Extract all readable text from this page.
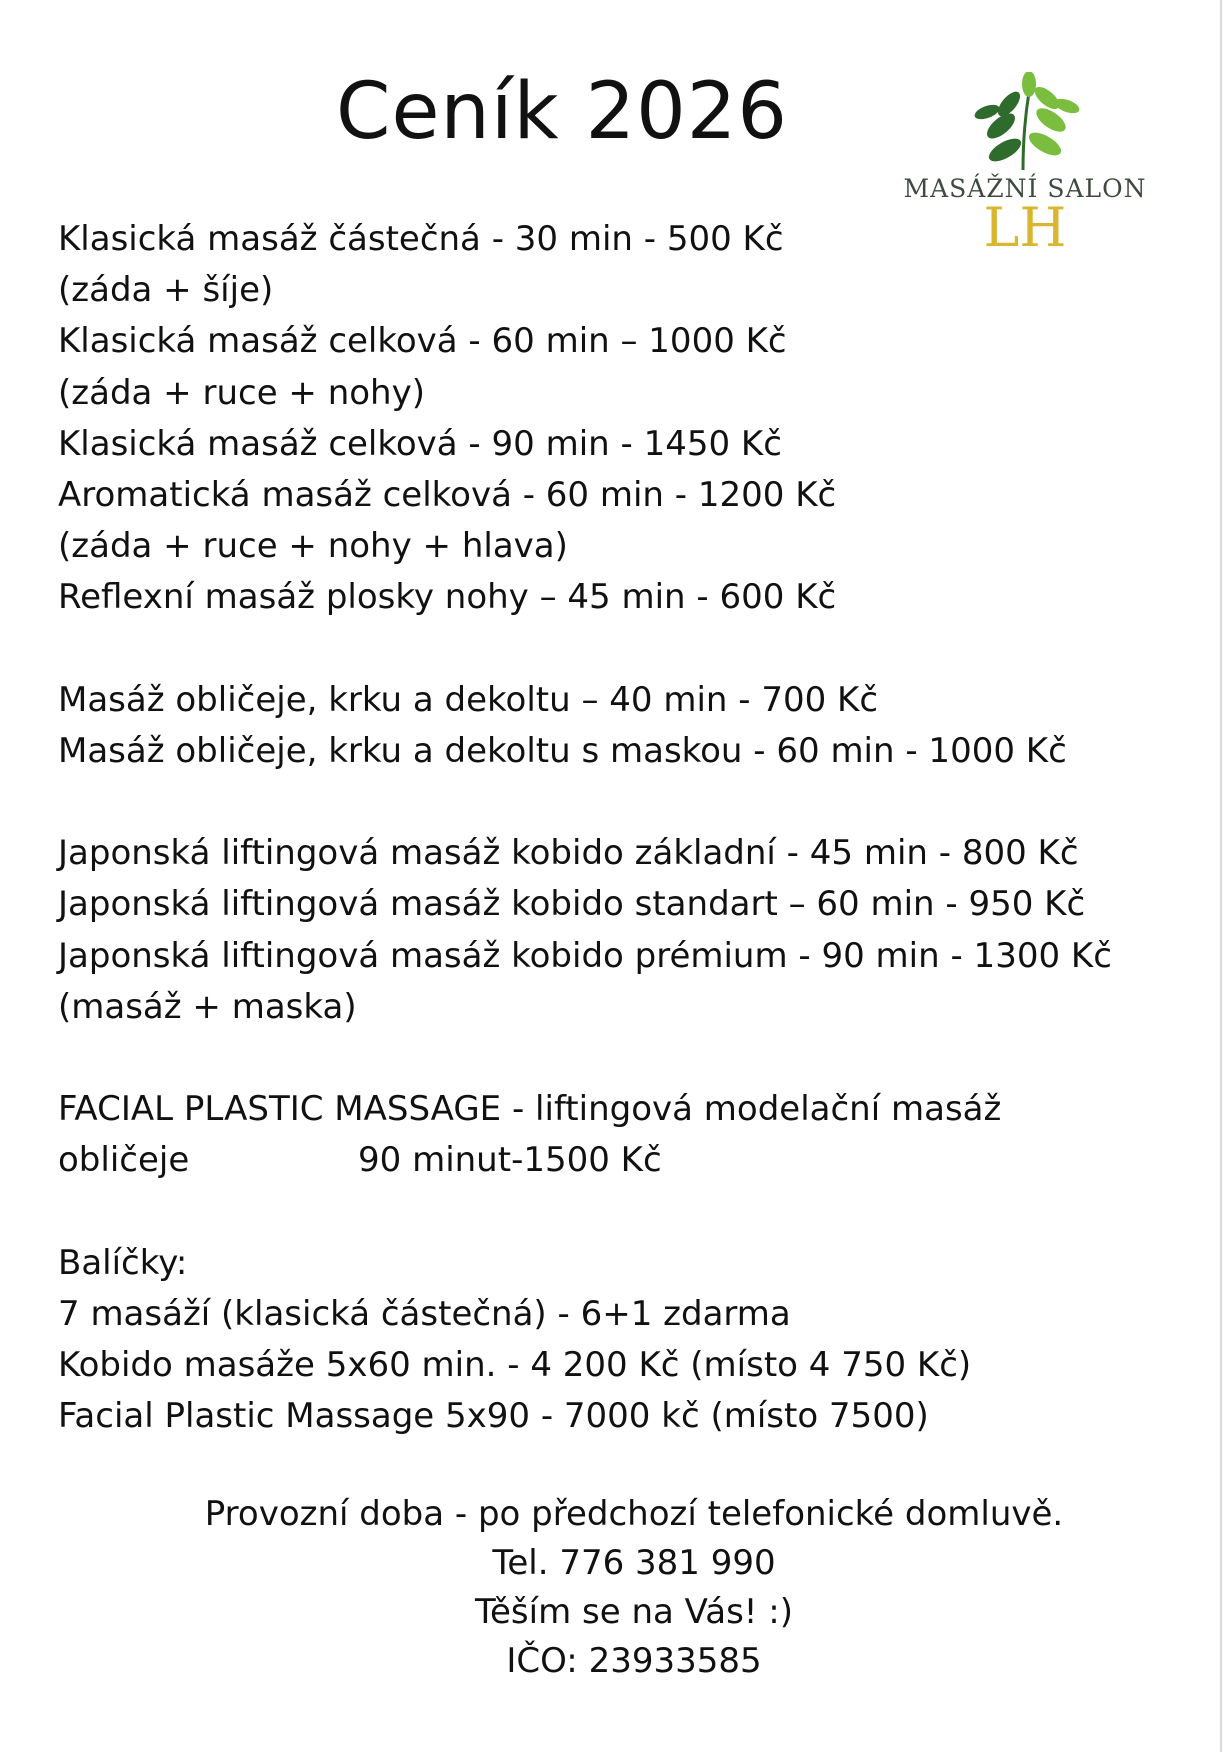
Ceník 2026
MASÁŽNÍ SALON
LH
Klasická masáž částečná - 30 min - 500 Kč
(záda + šíje)
Klasická masáž celková - 60 min – 1000 Kč
(záda + ruce + nohy)
Klasická masáž celková - 90 min - 1450 Kč
Aromatická masáž celková - 60 min - 1200 Kč
(záda + ruce + nohy + hlava)
Reflexní masáž plosky nohy – 45 min - 600 Kč
Masáž obličeje, krku a dekoltu – 40 min - 700 Kč
Masáž obličeje, krku a dekoltu s maskou - 60 min - 1000 Kč
Japonská liftingová masáž kobido základní - 45 min - 800 Kč
Japonská liftingová masáž kobido standart – 60 min - 950 Kč
Japonská liftingová masáž kobido prémium - 90 min - 1300 Kč
(masáž + maska)
FACIAL PLASTIC MASSAGE - liftingová modelační masáž
obličeje	90 minut-1500 Kč
Balíčky:
7 masáží (klasická částečná) - 6+1 zdarma
Kobido masáže 5x60 min. - 4 200 Kč (místo 4 750 Kč)
Facial Plastic Massage 5x90 - 7000 kč (místo 7500)
Provozní doba - po předchozí telefonické domluvě.
Tel. 776 381 990
Těším se na Vás! :)
IČO: 23933585
